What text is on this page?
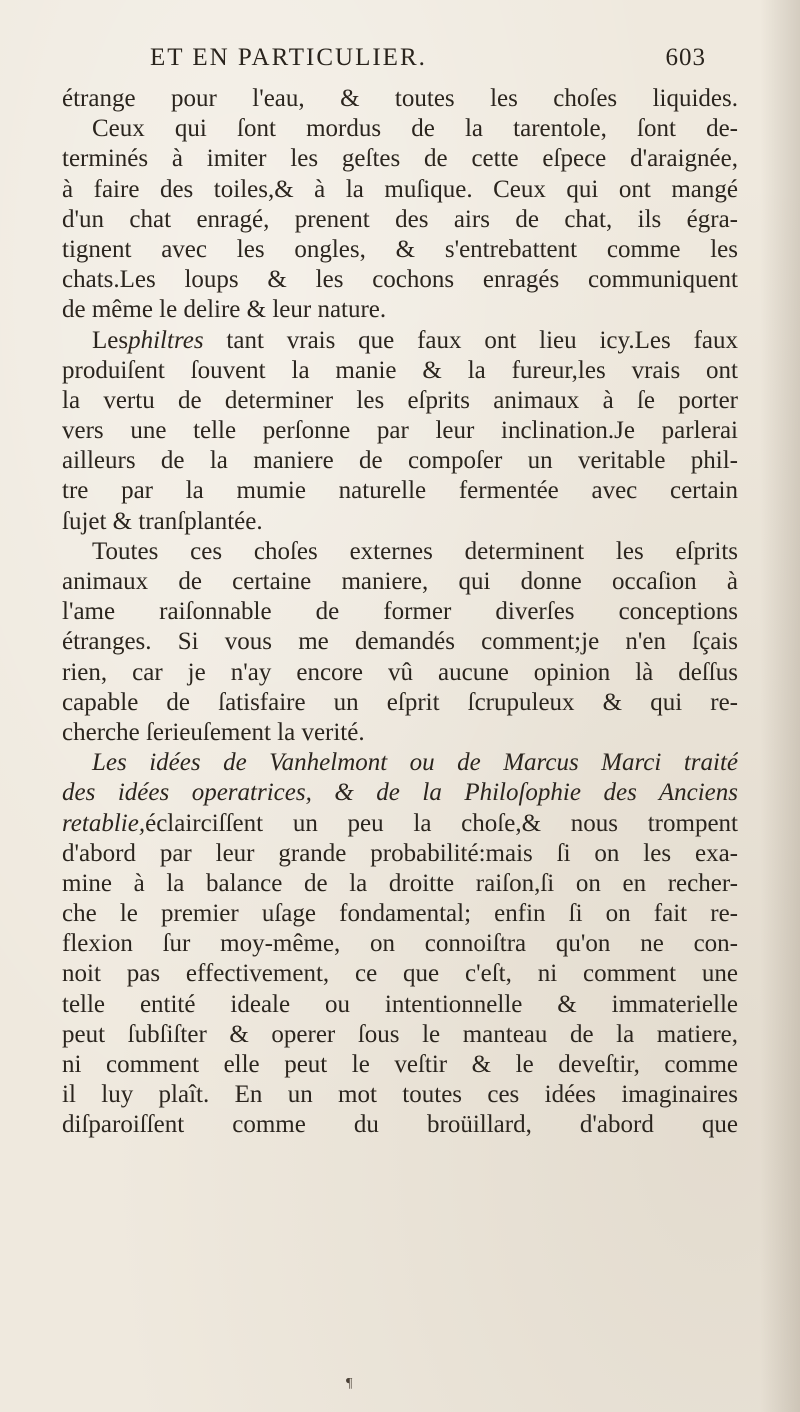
ET EN PARTICULIER.	603
étrange pour l'eau, & toutes les choſes liquides.
Ceux qui ſont mordus de la tarentole, ſont de-
terminés à imiter les geſtes de cette eſpece d'araignée,
à faire des toiles,& à la muſique. Ceux qui ont mangé
d'un chat enragé, prenent des airs de chat, ils égra-
tignent avec les ongles, & s'entrebattent comme les
chats.Les loups & les cochons enragés communiquent
de même le delire & leur nature.
Lesphiltres tant vrais que faux ont lieu icy.Les faux
produiſent ſouvent la manie & la fureur,les vrais ont
la vertu de determiner les eſprits animaux à ſe porter
vers une telle perſonne par leur inclination.Je parlerai
ailleurs de la maniere de compoſer un veritable phil-
tre par la mumie naturelle fermentée avec certain
ſujet & tranſplantée.
Toutes ces choſes externes determinent les eſprits
animaux de certaine maniere, qui donne occaſion à
l'ame raiſonnable de former diverſes conceptions
étranges. Si vous me demandés comment;je n'en ſçais
rien, car je n'ay encore vû aucune opinion là deſſus
capable de ſatisfaire un eſprit ſcrupuleux & qui re-
cherche ſerieuſement la verité.
Les idées de Vanhelmont ou de Marcus Marci traité
des idées operatrices, & de la Philoſophie des Anciens
retablie,éclairciſſent un peu la choſe,& nous trompent
d'abord par leur grande probabilité:mais ſi on les exa-
mine à la balance de la droitte raiſon,ſi on en recher-
che le premier uſage fondamental; enfin ſi on fait re-
flexion ſur moy-même, on connoiſtra qu'on ne con-
noit pas effectivement, ce que c'eſt, ni comment une
telle entité ideale ou intentionnelle & immaterielle
peut ſubſiſter & operer ſous le manteau de la matiere,
ni comment elle peut le veſtir & le deveſtir, comme
il luy plaît. En un mot toutes ces idées imaginaires
diſparoiſſent comme du broüillard, d'abord que
¶
